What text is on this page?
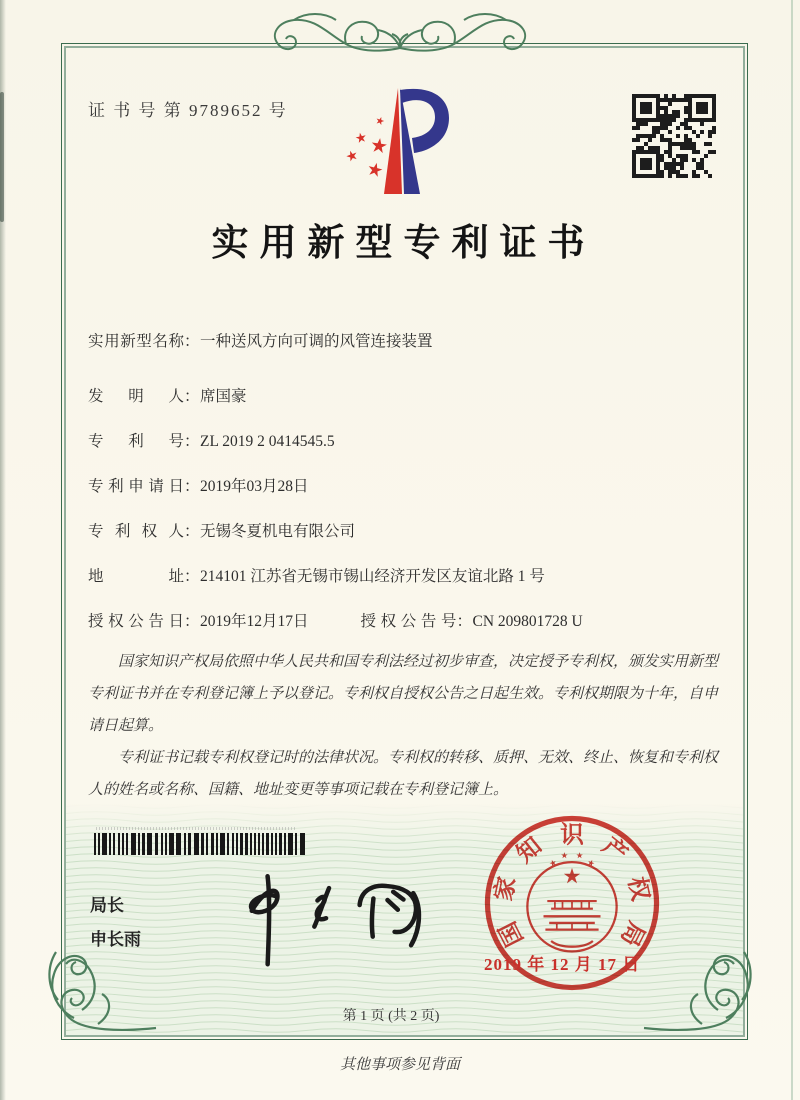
证 书 号 第 9789652 号
实用新型专利证书
实用新型名称：一种送风方向可调的风管连接装置
发明人：席国豪
专利号：ZL 2019 2 0414545.5
专利申请日：2019年03月28日
专利权人：无锡冬夏机电有限公司
地址：214101 江苏省无锡市锡山经济开发区友谊北路 1 号
授权公告日：2019年12月17日	授权公告号：CN 209801728 U

国家知识产权局依照中华人民共和国专利法经过初步审查，决定授予专利权，颁发实用新型专利证书并在专利登记簿上予以登记。专利权自授权公告之日起生效。专利权期限为十年，自申请日起算。

专利证书记载专利权登记时的法律状况。专利权的转移、质押、无效、终止、恢复和专利权人的姓名或名称、国籍、地址变更等事项记载在专利登记簿上。

局长
申长雨	国
家
知 识 产
权
局
2019 年 12 月 17 日
第 1 页 (共 2 页)
其他事项参见背面
